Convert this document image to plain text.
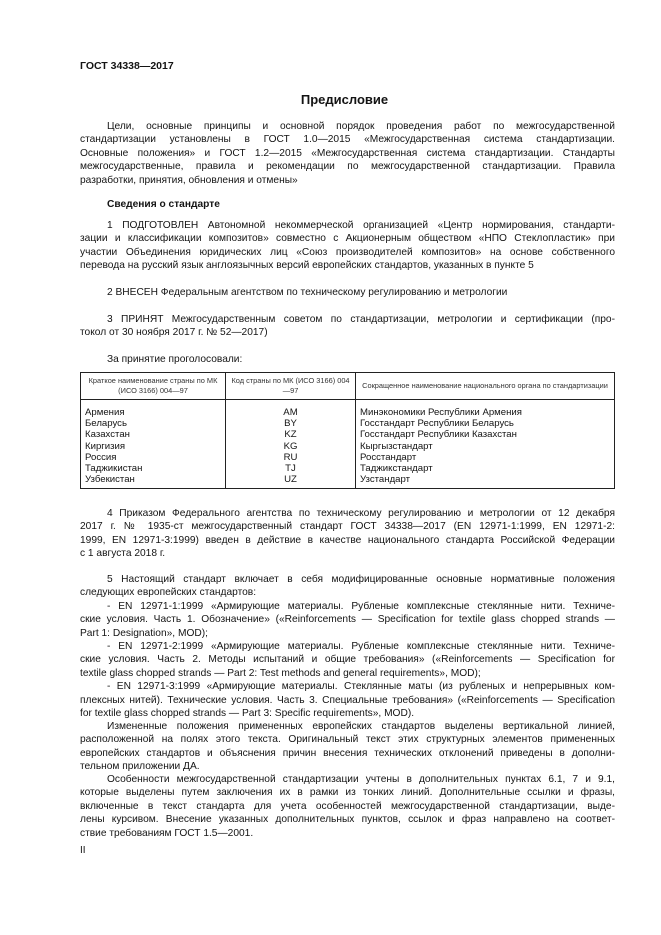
ГОСТ 34338—2017
Предисловие
Цели, основные принципы и основной порядок проведения работ по межгосударственной
стандартизации установлены в ГОСТ 1.0—2015 «Межгосударственная система стандартизации.
Основные положения» и ГОСТ 1.2—2015 «Межгосударственная система стандартизации. Стандарты
межгосударственные, правила и рекомендации по межгосударственной стандартизации. Правила
разработки, принятия, обновления и отмены»
Сведения о стандарте
1 ПОДГОТОВЛЕН Автономной некоммерческой организацией «Центр нормирования, стандарти-
зации и классификации композитов» совместно с Акционерным обществом «НПО Стеклопластик» при
участии Объединения юридических лиц «Союз производителей композитов» на основе собственного
перевода на русский язык англоязычных версий европейских стандартов, указанных в пункте 5
2 ВНЕСЕН Федеральным агентством по техническому регулированию и метрологии
3 ПРИНЯТ Межгосударственным советом по стандартизации, метрологии и сертификации (про-
токол от 30 ноября 2017 г. № 52—2017)
За принятие проголосовали:
Краткое наименование страны по МК (ИСО 3166) 004—97	Код страны по МК (ИСО 3166) 004—97	Сокращенное наименование национального органа по стандартизации
Армения	AM	Минэкономики Республики Армения
Беларусь	BY	Госстандарт Республики Беларусь
Казахстан	KZ	Госстандарт Республики Казахстан
Киргизия	KG	Кыргызстандарт
Россия	RU	Росстандарт
Таджикистан	TJ	Таджикстандарт
Узбекистан	UZ	Узстандарт
4 Приказом Федерального агентства по техническому регулированию и метрологии от 12 декабря
2017 г. № 1935-ст межгосударственный стандарт ГОСТ 34338—2017 (EN 12971-1:1999, EN 12971-2:
1999, EN 12971-3:1999) введен в действие в качестве национального стандарта Российской Федерации
с 1 августа 2018 г.
5 Настоящий стандарт включает в себя модифицированные основные нормативные положения
следующих европейских стандартов:
- EN 12971-1:1999 «Армирующие материалы. Рубленые комплексные стеклянные нити. Техниче-
ские условия. Часть 1. Обозначение» («Reinforcements — Specification for textile glass chopped strands —
Part 1: Designation», MOD);
- EN 12971-2:1999 «Армирующие материалы. Рубленые комплексные стеклянные нити. Техниче-
ские условия. Часть 2. Методы испытаний и общие требования» («Reinforcements — Specification for
textile glass chopped strands — Part 2: Test methods and general requirements», MOD);
- EN 12971-3:1999 «Армирующие материалы. Стеклянные маты (из рубленых и непрерывных ком-
плексных нитей). Технические условия. Часть 3. Специальные требования» («Reinforcements — Specification
for textile glass chopped strands — Part 3: Specific requirements», MOD).
Измененные положения примененных европейских стандартов выделены вертикальной линией,
расположенной на полях этого текста. Оригинальный текст этих структурных элементов примененных
европейских стандартов и объяснения причин внесения технических отклонений приведены в дополни-
тельном приложении ДА.
Особенности межгосударственной стандартизации учтены в дополнительных пунктах 6.1, 7 и 9.1,
которые выделены путем заключения их в рамки из тонких линий. Дополнительные ссылки и фразы,
включенные в текст стандарта для учета особенностей межгосударственной стандартизации, выде-
лены курсивом. Внесение указанных дополнительных пунктов, ссылок и фраз направлено на соответ-
ствие требованиям ГОСТ 1.5—2001.
II
